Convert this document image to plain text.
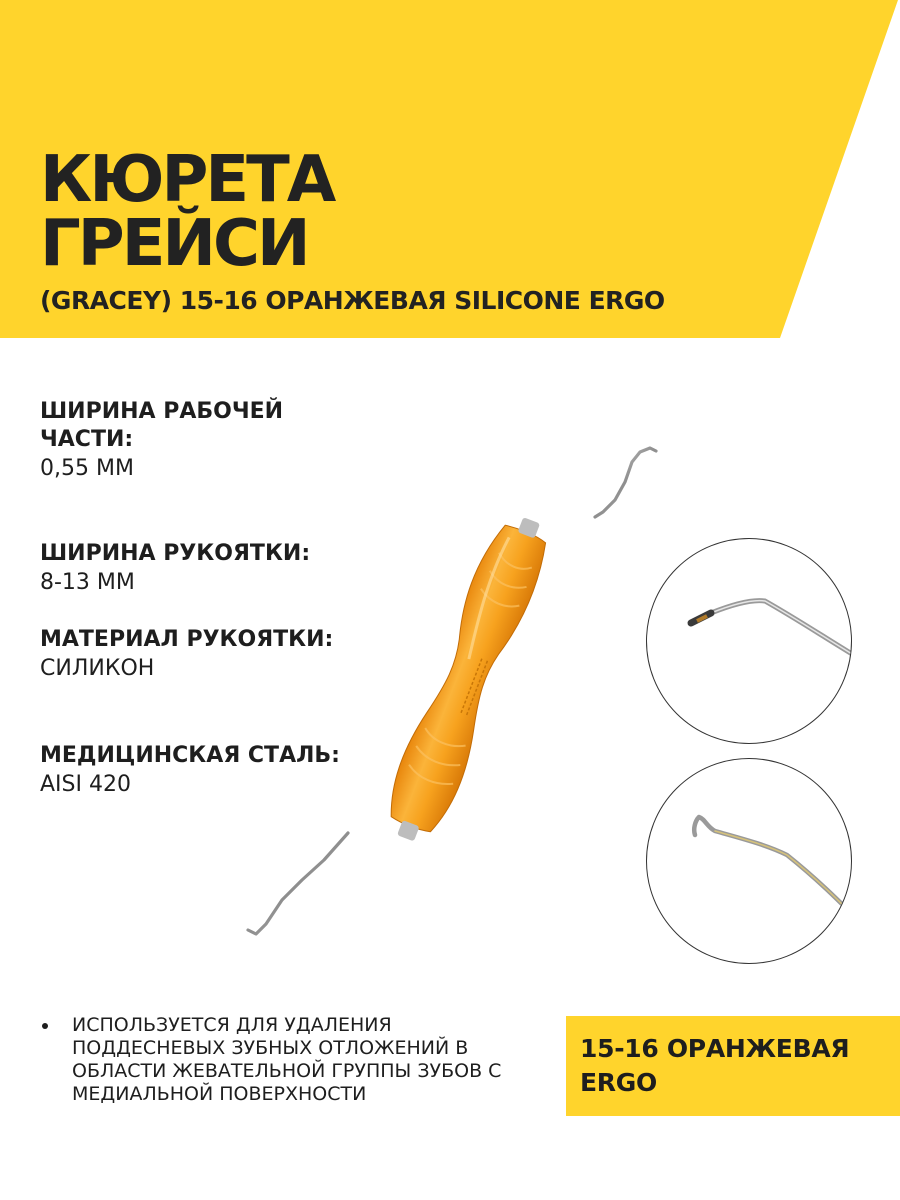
КЮРЕТА
ГРЕЙСИ
(GRACEY) 15-16 ОРАНЖЕВАЯ SILICONE ERGO
ШИРИНА РАБОЧЕЙ ЧАСТИ:
0,55 ММ
ШИРИНА РУКОЯТКИ:
8-13 ММ
МАТЕРИАЛ РУКОЯТКИ:
СИЛИКОН
МЕДИЦИНСКАЯ СТАЛЬ:
AISI 420
ИСПОЛЬЗУЕТСЯ ДЛЯ УДАЛЕНИЯ ПОДДЕСНЕВЫХ ЗУБНЫХ ОТЛОЖЕНИЙ В ОБЛАСТИ ЖЕВАТЕЛЬНОЙ ГРУППЫ ЗУБОВ С МЕДИАЛЬНОЙ ПОВЕРХНОСТИ
15-16 ОРАНЖЕВАЯ ERGO
